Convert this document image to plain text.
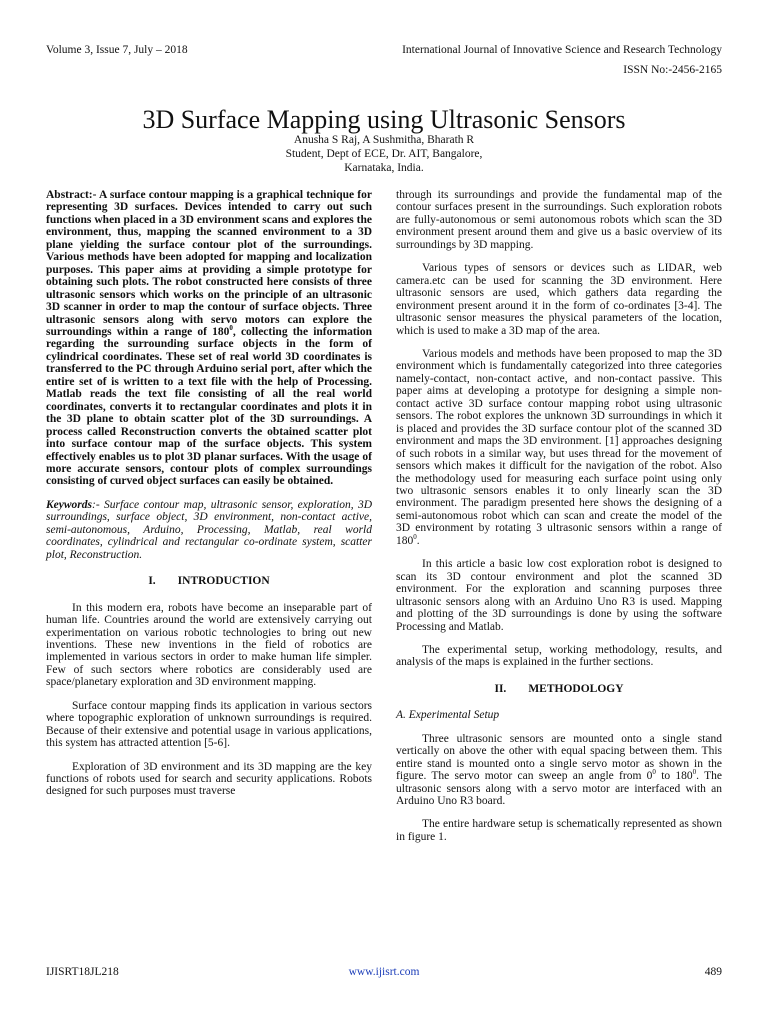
Volume 3, Issue 7, July – 2018	International Journal of Innovative Science and Research Technology
ISSN No:-2456-2165
3D Surface Mapping using Ultrasonic Sensors
Anusha S Raj, A Sushmitha, Bharath R
Student, Dept of ECE, Dr. AIT, Bangalore,
Karnataka, India.

Abstract:- A surface contour mapping is a graphical technique for representing 3D surfaces. Devices intended to carry out such functions when placed in a 3D environment scans and explores the environment, thus, mapping the scanned environment to a 3D plane yielding the surface contour plot of the surroundings. Various methods have been adopted for mapping and localization purposes. This paper aims at providing a simple prototype for obtaining such plots. The robot constructed here consists of three ultrasonic sensors which works on the principle of an ultrasonic 3D scanner in order to map the contour of surface objects. Three ultrasonic sensors along with servo motors can explore the surroundings within a range of $180^0$, collecting the information regarding the surrounding surface objects in the form of cylindrical coordinates. These set of real world 3D coordinates is transferred to the PC through Arduino serial port, after which the entire set of is written to a text file with the help of Processing. Matlab reads the text file consisting of all the real world coordinates, converts it to rectangular coordinates and plots it in the 3D plane to obtain scatter plot of the 3D surroundings. A process called Reconstruction converts the obtained scatter plot into surface contour map of the surface objects. This system effectively enables us to plot 3D planar surfaces. With the usage of more accurate sensors, contour plots of complex surroundings consisting of curved object surfaces can easily be obtained.

Keywords:- Surface contour map, ultrasonic sensor, exploration, 3D surroundings, surface object, 3D environment, non-contact active, semi-autonomous, Arduino, Processing, Matlab, real world coordinates, cylindrical and rectangular co-ordinate system, scatter plot, Reconstruction.

I. INTRODUCTION

In this modern era, robots have become an inseparable part of human life. Countries around the world are extensively carrying out experimentation on various robotic technologies to bring out new inventions. These new inventions in the field of robotics are implemented in various sectors in order to make human life simpler. Few of such sectors where robotics are considerably used are space/planetary exploration and 3D environment mapping.

Surface contour mapping finds its application in various sectors where topographic exploration of unknown surroundings is required. Because of their extensive and potential usage in various applications, this system has attracted attention [5-6].

Exploration of 3D environment and its 3D mapping are the key functions of robots used for search and security applications. Robots designed for such purposes must traverse

through its surroundings and provide the fundamental map of the contour surfaces present in the surroundings. Such exploration robots are fully-autonomous or semi autonomous robots which scan the 3D environment present around them and give us a basic overview of its surroundings by 3D mapping.

Various types of sensors or devices such as LIDAR, web camera.etc can be used for scanning the 3D environment. Here ultrasonic sensors are used, which gathers data regarding the environment present around it in the form of co-ordinates [3-4]. The ultrasonic sensor measures the physical parameters of the location, which is used to make a 3D map of the area.

Various models and methods have been proposed to map the 3D environment which is fundamentally categorized into three categories namely-contact, non-contact active, and non-contact passive. This paper aims at developing a prototype for designing a simple non-contact active 3D surface contour mapping robot using ultrasonic sensors. The robot explores the unknown 3D surroundings in which it is placed and provides the 3D surface contour plot of the scanned 3D environment and maps the 3D environment. [1] approaches designing of such robots in a similar way, but uses thread for the movement of sensors which makes it difficult for the navigation of the robot. Also the methodology used for measuring each surface point using only two ultrasonic sensors enables it to only linearly scan the 3D environment. The paradigm presented here shows the designing of a semi-autonomous robot which can scan and create the model of the 3D environment by rotating 3 ultrasonic sensors within a range of $180^0$.

In this article a basic low cost exploration robot is designed to scan its 3D contour environment and plot the scanned 3D environment. For the exploration and scanning purposes three ultrasonic sensors along with an Arduino Uno R3 is used. Mapping and plotting of the 3D surroundings is done by using the software Processing and Matlab.

The experimental setup, working methodology, results, and analysis of the maps is explained in the further sections.

II. METHODOLOGY

A. Experimental Setup

Three ultrasonic sensors are mounted onto a single stand vertically on above the other with equal spacing between them. This entire stand is mounted onto a single servo motor as shown in the figure. The servo motor can sweep an angle from $0^0$ to $180^0$. The ultrasonic sensors along with a servo motor are interfaced with an Arduino Uno R3 board.

The entire hardware setup is schematically represented as shown in figure 1.

IJISRT18JL218	www.ijisrt.com	489
